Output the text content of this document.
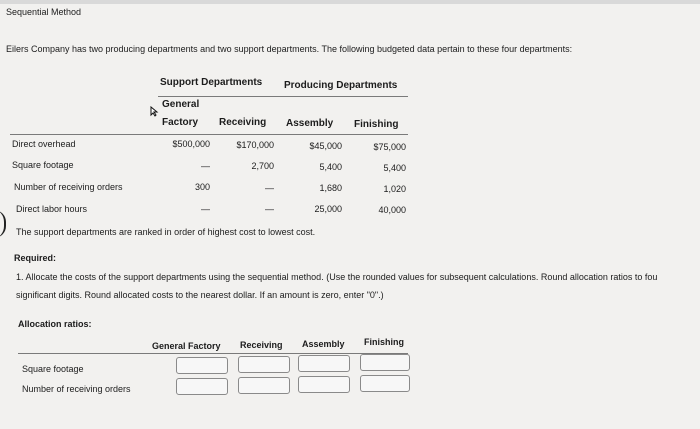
Sequential Method
Eilers Company has two producing departments and two support departments. The following budgeted data pertain to these four departments:
Support Departments Producing Departments
General
Factory Receiving Assembly Finishing
Direct overhead	$500,000	$170,000	$45,000	$75,000
Square footage	—	2,700	5,400	5,400
Number of receiving orders	300	—	1,680	1,020
Direct labor hours	—	—	25,000	40,000
The support departments are ranked in order of highest cost to lowest cost.
Required:
1. Allocate the costs of the support departments using the sequential method. (Use the rounded values for subsequent calculations. Round allocation ratios to fou
significant digits. Round allocated costs to the nearest dollar. If an amount is zero, enter "0".)
Allocation ratios:
General Factory Receiving Assembly Finishing
Square footage
Number of receiving orders
